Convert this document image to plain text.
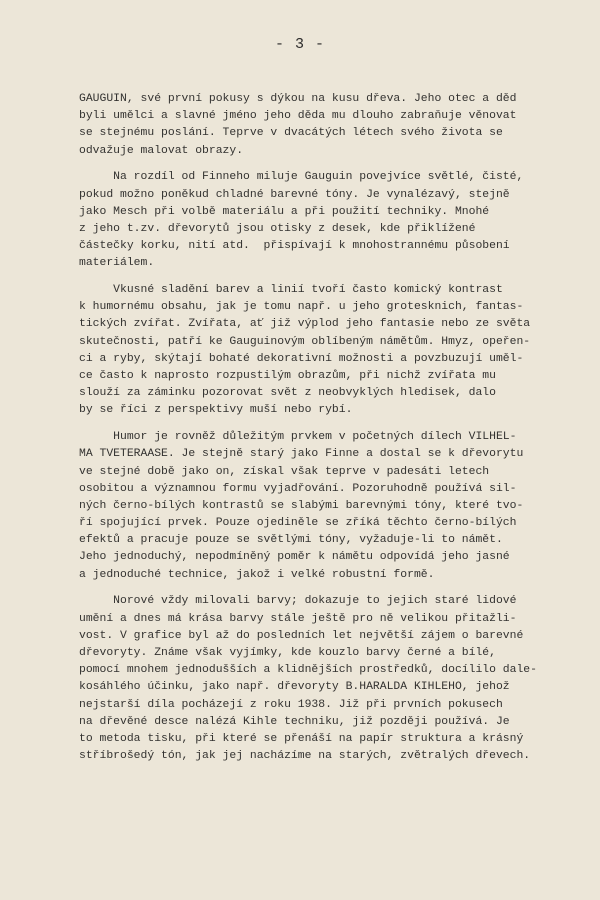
- 3 -
GAUGUIN, své první pokusy s dýkou na kusu dřeva. Jeho otec a děd
byli umělci a slavné jméno jeho děda mu dlouho zabraňuje věnovat
se stejnému poslání. Teprve v dvacátých létech svého života se
odvažuje malovat obrazy.
Na rozdíl od Finneho miluje Gauguin povejvíce světlé, čisté,
pokud možno poněkud chladné barevné tóny. Je vynalézavý, stejně
jako Mesch při volbě materiálu a při použití techniky. Mnohé
z jeho t.zv. dřevorytů jsou otisky z desek, kde přiklížené
částečky korku, nití atd.  přispívají k mnohostrannému působení
materiálem.
Vkusné sladění barev a linií tvoří často komický kontrast
k humornému obsahu, jak je tomu např. u jeho grotesknich, fantas-
tických zvířat. Zvířata, ať již výplod jeho fantasie nebo ze světa
skutečnosti, patří ke Gauguinovým oblíbeným námětům. Hmyz, opeřen-
ci a ryby, skýtají bohaté dekorativní možnosti a povzbuzují uměl-
ce často k naprosto rozpustilým obrazům, při nichž zvířata mu
slouží za záminku pozorovat svět z neobvyklých hledisek, dalo
by se říci z perspektivy muší nebo rybí.
Humor je rovněž důležitým prvkem v početných dílech VILHEL-
MA TVETERAASE. Je stejně starý jako Finne a dostal se k dřevorytu
ve stejné době jako on, získal však teprve v padesáti letech
osobitou a významnou formu vyjadřování. Pozoruhodně používá sil-
ných černo-bílých kontrastů se slabými barevnými tóny, které tvo-
ří spojující prvek. Pouze ojediněle se zříká těchto černo-bílých
efektů a pracuje pouze se světlými tóny, vyžaduje-li to námět.
Jeho jednoduchý, nepodmíněný poměr k námětu odpovídá jeho jasné
a jednoduché technice, jakož i velké robustní formě.
Norové vždy milovali barvy; dokazuje to jejich staré lidové
umění a dnes má krása barvy stále ještě pro ně velikou přitažli-
vost. V grafice byl až do posledních let největší zájem o barevné
dřevoryty. Známe však vyjímky, kde kouzlo barvy černé a bílé,
pomocí mnohem jednodušších a klidnějších prostředků, docílilo dale-
kosáhlého účinku, jako např. dřevoryty B.HARALDA KIHLEHO, jehož
nejstarší díla pocházejí z roku 1938. Již při prvních pokusech
na dřevěné desce nalézá Kihle techniku, již později používá. Je
to metoda tisku, při které se přenáší na papír struktura a krásný
stříbrošedý tón, jak jej nacházíme na starých, zvětralých dřevech.
